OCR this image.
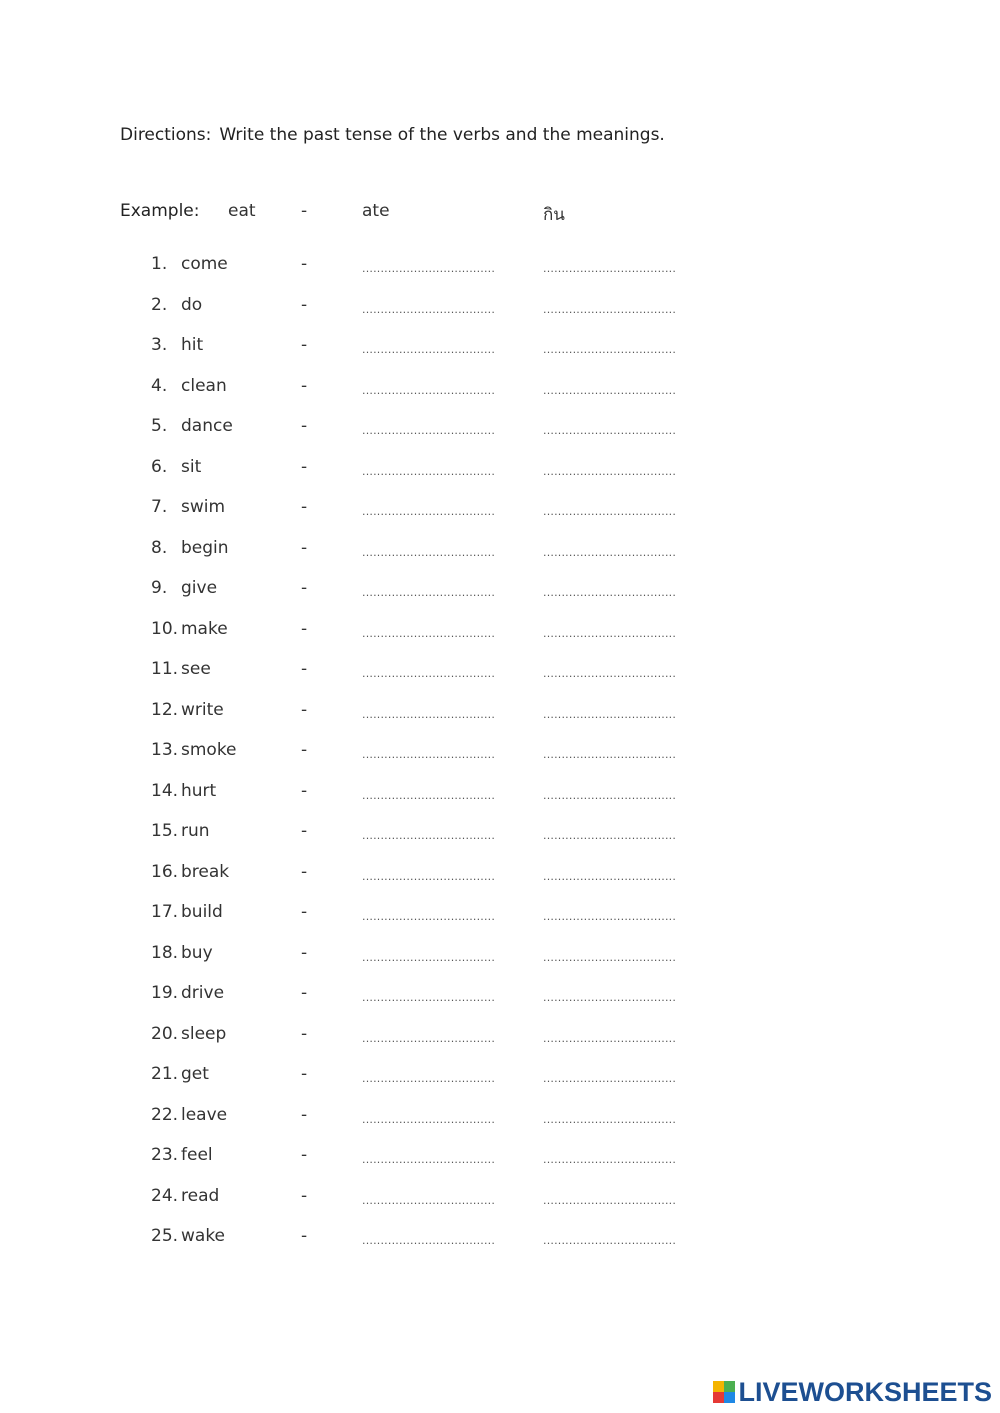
Directions: Write the past tense of the verbs and the meanings.
Example: eat	-	ate	กิน
1. come	-	....................................	....................................
2. do	-	....................................	....................................
3. hit	-	....................................	....................................
4. clean	-	....................................	....................................
5. dance	-	....................................	....................................
6. sit	-	....................................	....................................
7. swim	-	....................................	....................................
8. begin	-	....................................	....................................
9. give	-	....................................	....................................
10. make	-	....................................	....................................
11. see	-	....................................	....................................
12. write	-	....................................	....................................
13. smoke	-	....................................	....................................
14. hurt	-	....................................	....................................
15. run	-	....................................	....................................
16. break	-	....................................	....................................
17. build	-	....................................	....................................
18. buy	-	....................................	....................................
19. drive	-	....................................	....................................
20. sleep	-	....................................	....................................
21. get	-	....................................	....................................
22. leave	-	....................................	....................................
23. feel	-	....................................	....................................
24. read	-	....................................	....................................
25. wake	-	....................................	....................................
LIVEWORKSHEETS
